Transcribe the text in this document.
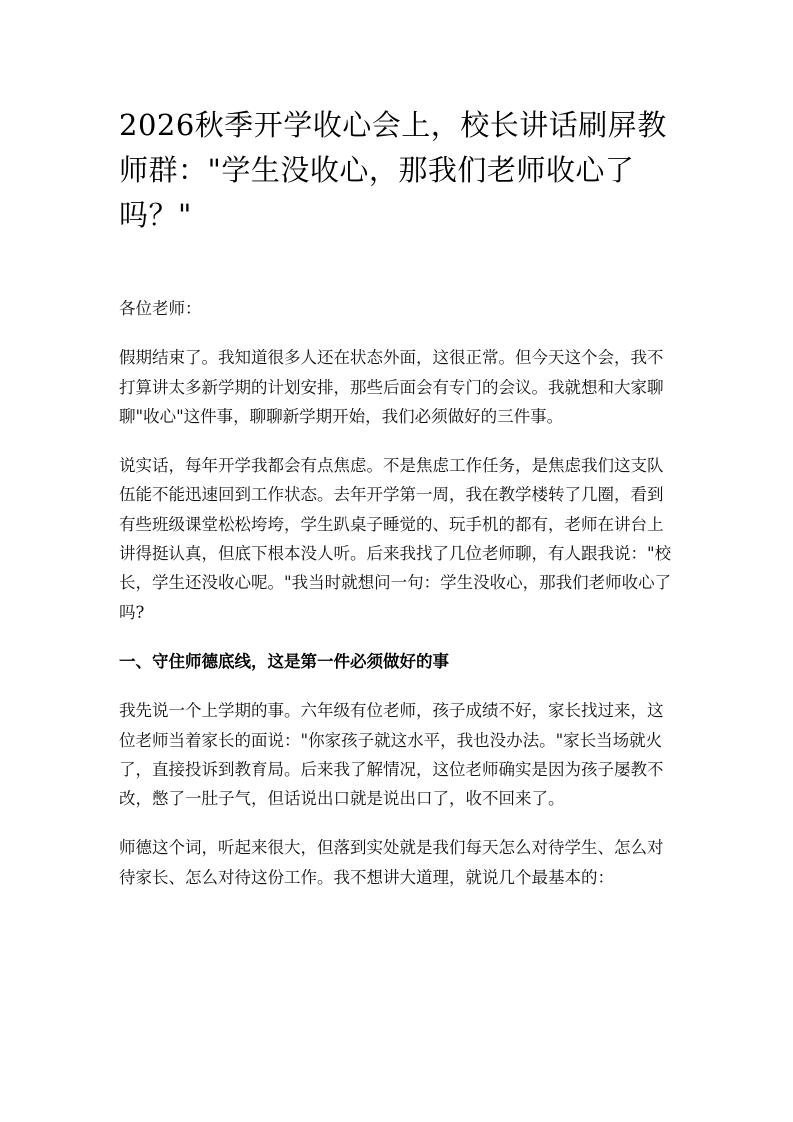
2026秋季开学收心会上，校长讲话刷屏教师群："学生没收心，那我们老师收心了吗？"

各位老师：

假期结束了。我知道很多人还在状态外面，这很正常。但今天这个会，我不打算讲太多新学期的计划安排，那些后面会有专门的会议。我就想和大家聊聊"收心"这件事，聊聊新学期开始，我们必须做好的三件事。

说实话，每年开学我都会有点焦虑。不是焦虑工作任务，是焦虑我们这支队伍能不能迅速回到工作状态。去年开学第一周，我在教学楼转了几圈，看到有些班级课堂松松垮垮，学生趴桌子睡觉的、玩手机的都有，老师在讲台上讲得挺认真，但底下根本没人听。后来我找了几位老师聊，有人跟我说："校长，学生还没收心呢。"我当时就想问一句：学生没收心，那我们老师收心了吗?

一、守住师德底线，这是第一件必须做好的事

我先说一个上学期的事。六年级有位老师，孩子成绩不好，家长找过来，这位老师当着家长的面说："你家孩子就这水平，我也没办法。"家长当场就火了，直接投诉到教育局。后来我了解情况，这位老师确实是因为孩子屡教不改，憋了一肚子气，但话说出口就是说出口了，收不回来了。

师德这个词，听起来很大，但落到实处就是我们每天怎么对待学生、怎么对待家长、怎么对待这份工作。我不想讲大道理，就说几个最基本的：
